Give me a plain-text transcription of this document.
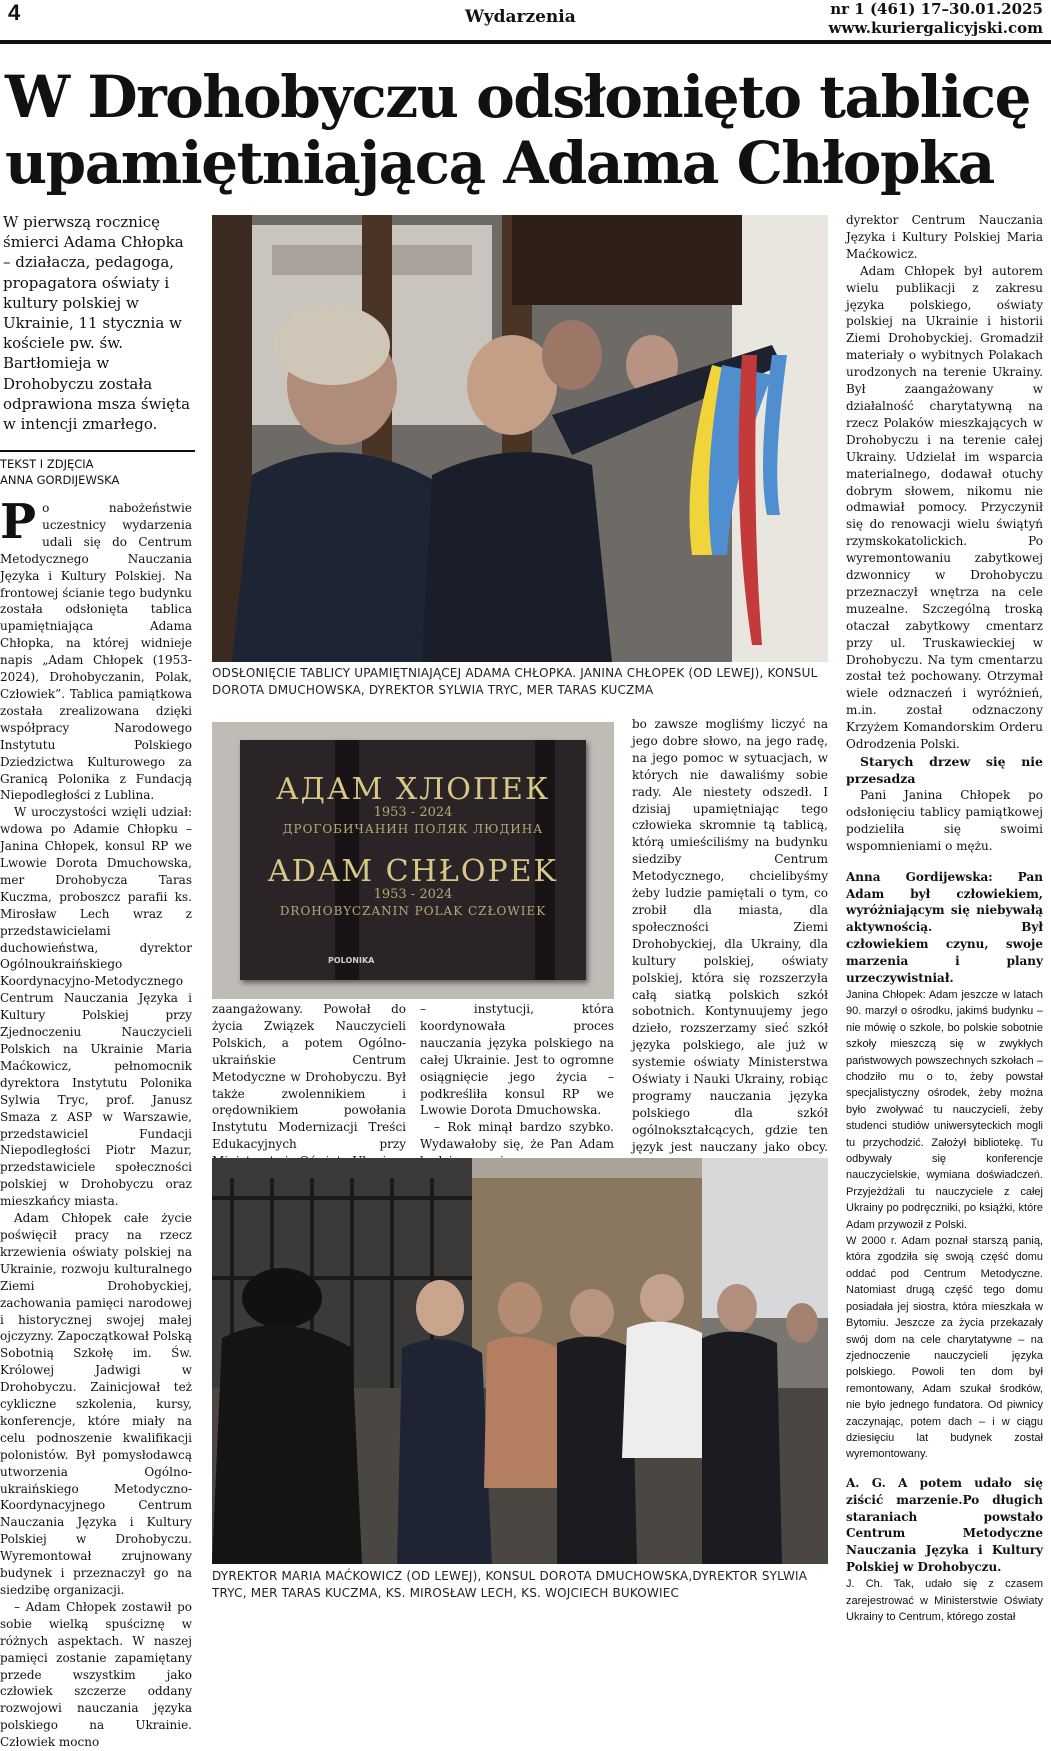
4	Wydarzenia	nr 1 (461) 17–30.01.2025
www.kuriergalicyjski.com
W Drohobyczu odsłonięto tablicę
upamiętniającą Adama Chłopka
W pierwszą rocznicę śmierci Adama Chłopka – działacza, pedagoga, propagatora oświaty i kultury polskiej w Ukrainie, 11 stycznia w kościele pw. św. Bartłomieja w Drohobyczu została odprawiona msza święta w intencji zmarłego.
TEKST I ZDJĘCIA
ANNA GORDIJEWSKA

Po nabożeństwie uczestnicy wydarzenia udali się do Centrum Metodycznego Nauczania Języka i Kultury Polskiej. Na frontowej ścianie tego budynku została odsłonięta tablica upamiętniająca Adama Chłopka, na której widnieje napis „Adam Chłopek (1953-2024), Drohobyczanin, Polak, Człowiek”. Tablica pamiątkowa została zrealizowana dzięki współpracy Narodowego Instytutu Polskiego Dziedzictwa Kulturowego za Granicą Polonika z Fundacją Niepodległości z Lublina.

W uroczystości wzięli udział: wdowa po Adamie Chłopku – Janina Chłopek, konsul RP we Lwowie Dorota Dmuchowska, mer Drohobycza Taras Kuczma, proboszcz parafii ks. Mirosław Lech wraz z przedstawicielami duchowieństwa, dyrektor Ogólnoukraińskiego Koordynacyjno-Metodycznego Centrum Nauczania Języka i Kultury Polskiej przy Zjednoczeniu Nauczycieli Polskich na Ukrainie Maria Maćkowicz, pełnomocnik dyrektora Instytutu Polonika Sylwia Tryc, prof. Janusz Smaza z ASP w Warszawie, przedstawiciel Fundacji Niepodległości Piotr Mazur, przedstawiciele społeczności polskiej w Drohobyczu oraz mieszkańcy miasta.

Adam Chłopek całe życie poświęcił pracy na rzecz krzewienia oświaty polskiej na Ukrainie, rozwoju kulturalnego Ziemi Drohobyckiej, zachowania pamięci narodowej i historycznej swojej małej ojczyzny. Zapoczątkował Polską Sobotnią Szkołę im. Św. Królowej Jadwigi w Drohobyczu. Zainicjował też cykliczne szkolenia, kursy, konferencje, które miały na celu podnoszenie kwalifikacji polonistów. Był pomysłodawcą utworzenia Ogólno-ukraińskiego Metodyczno-Koordynacyjnego Centrum Nauczania Języka i Kultury Polskiej w Drohobyczu. Wyremontował zrujnowany budynek i przeznaczył go na siedzibę organizacji.

– Adam Chłopek zostawił po sobie wielką spuściznę w różnych aspektach. W naszej pamięci zostanie zapamiętany przede wszystkim jako człowiek szczerze oddany rozwojowi nauczania języka polskiego na Ukrainie. Człowiek mocno

ODSŁONIĘCIE TABLICY UPAMIĘTNIAJĄCEJ ADAMA CHŁOPKA. JANINA CHŁOPEK (OD LEWEJ), KONSUL DOROTA DMUCHOWSKA, DYREKTOR SYLWIA TRYC, MER TARAS KUCZMA
АДАМ ХЛОПЕК
1953 - 2024
ДРОГОБИЧАНИН ПОЛЯК ЛЮДИНА
ADAM CHŁOPEK
1953 - 2024
DROHOBYCZANIN POLAK CZŁOWIEK
POLONIKA

zaangażowany. Powołał do życia Związek Nauczycieli Polskich, a potem Ogólno-ukraińskie Centrum Metodyczne w Drohobyczu. Był także zwolennikiem i orędownikiem powołania Instytutu Modernizacji Treści Edukacyjnych przy

– instytucji, która koordynowała proces nauczania języka polskiego na całej Ukrainie. Jest to ogromne osiągnięcie jego życia – podkreśliła konsul RP we Lwowie Dorota Dmuchowska.

– Rok minął bardzo szybko. Wydawałoby się, że Pan Adam

bo zawsze mogliśmy liczyć na jego dobre słowo, na jego radę, na jego pomoc w sytuacjach, w których nie dawaliśmy sobie rady. Ale niestety odszedł. I dzisiaj upamiętniając tego człowieka skromnie tą tablicą, którą umieściliśmy na budynku siedziby Centrum Metodycznego, chcielibyśmy żeby ludzie pamiętali o tym, co zrobił dla miasta, dla społeczności Ziemi Drohobyckiej, dla Ukrainy, dla kultury polskiej, oświaty polskiej, która się rozszerzyła całą siatką polskich szkół sobotnich. Kontynuujemy jego dzieło, rozszerzamy sieć szkół języka polskiego, ale już w systemie oświaty Ministerstwa Oświaty i Nauki Ukrainy, robiąc programy nauczania języka polskiego dla szkół ogólnokształcących, gdzie ten język jest nauczany jako obcy.

DYREKTOR MARIA MAĆKOWICZ (OD LEWEJ), KONSUL DOROTA DMUCHOWSKA,DYREKTOR SYLWIA TRYC, MER TARAS KUCZMA, KS. MIROSŁAW LECH, KS. WOJCIECH BUKOWIEC

dyrektor Centrum Nauczania Języka i Kultury Polskiej Maria Maćkowicz.

Adam Chłopek był autorem wielu publikacji z zakresu języka polskiego, oświaty polskiej na Ukrainie i historii Ziemi Drohobyckiej. Gromadził materiały o wybitnych Polakach urodzonych na terenie Ukrainy. Był zaangażowany w działalność charytatywną na rzecz Polaków mieszkających w Drohobyczu i na terenie całej Ukrainy. Udzielał im wsparcia materialnego, dodawał otuchy dobrym słowem, nikomu nie odmawiał pomocy. Przyczynił się do renowacji wielu świątyń rzymskokatolickich. Po wyremontowaniu zabytkowej dzwonnicy w Drohobyczu przeznaczył wnętrza na cele muzealne. Szczególną troską otaczał zabytkowy cmentarz przy ul. Truskawieckiej w Drohobyczu. Na tym cmentarzu został też pochowany. Otrzymał wiele odznaczeń i wyróżnień, m.in. został odznaczony Krzyżem Komandorskim Orderu Odrodzenia Polski.

Starych drzew się nie przesadza

Pani Janina Chłopek po odsłonięciu tablicy pamiątkowej podzieliła się swoimi wspomnieniami o mężu.

Anna Gordijewska: Pan Adam był człowiekiem, wyróżniającym się niebywałą aktywnością. Był człowiekiem czynu, swoje marzenia i plany urzeczywistniał.

Janina Chłopek: Adam jeszcze w latach 90. marzył o ośrodku, jakimś budynku – nie mówię o szkole, bo polskie sobotnie szkoły mieszczą się w zwykłych państwowych powszechnych szkołach – chodziło mu o to, żeby powstał specjalistyczny ośrodek, żeby można było zwoływać tu nauczycieli, żeby studenci studiów uniwersyteckich mogli tu przychodzić. Założył bibliotekę. Tu odbywały się konferencje nauczycielskie, wymiana doświadczeń. Przyjeżdżali tu nauczyciele z całej Ukrainy po podręczniki, po książki, które Adam przywoził z Polski.

W 2000 r. Adam poznał starszą panią, która zgodziła się swoją część domu oddać pod Centrum Metodyczne. Natomiast drugą część tego domu posiadała jej siostra, która mieszkała w Bytomiu. Jeszcze za życia przekazały swój dom na cele charytatywne – na zjednoczenie nauczycieli języka polskiego. Powoli ten dom był remontowany, Adam szukał środków, nie było jednego fundatora. Od piwnicy zaczynając, potem dach – i w ciągu dziesięciu lat budynek został wyremontowany.

A. G. A potem udało się ziścić marzenie.Po długich staraniach powstało Centrum Metodyczne Nauczania Języka i Kultury Polskiej w Drohobyczu.

J. Ch. Tak, udało się z czasem zarejestrować w Ministerstwie Oświaty Ukrainy to Centrum, którego został
